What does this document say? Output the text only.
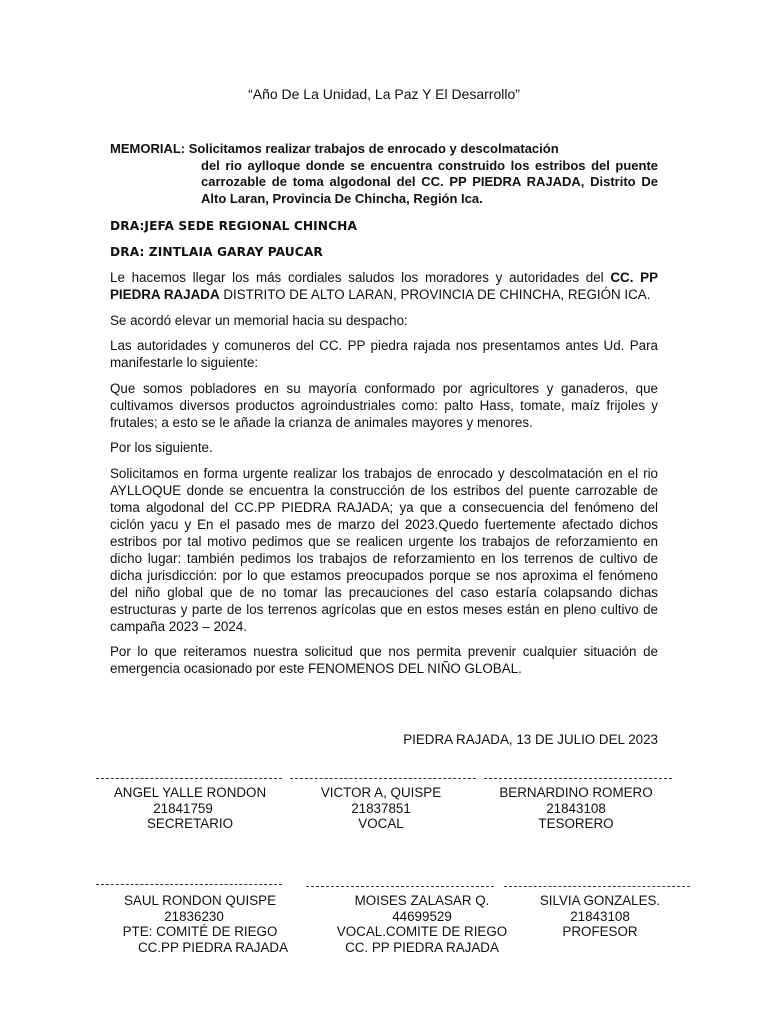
“Año De La Unidad, La Paz Y El Desarrollo”
MEMORIAL: Solicitamos realizar trabajos de enrocado y descolmatación
del rio aylloque donde se encuentra construido los estribos del puente carrozable de toma algodonal del CC. PP PIEDRA RAJADA, Distrito De Alto Laran, Provincia De Chincha, Región Ica.
DRA:JEFA SEDE REGIONAL CHINCHA
DRA: ZINTLAIA GARAY PAUCAR

Le hacemos llegar los más cordiales saludos los moradores y autoridades del CC. PP PIEDRA RAJADA DISTRITO DE ALTO LARAN, PROVINCIA DE CHINCHA, REGIÓN ICA.

Se acordó elevar un memorial hacia su despacho:

Las autoridades y comuneros del CC. PP piedra rajada nos presentamos antes Ud. Para manifestarle lo siguiente:

Que somos pobladores en su mayoría conformado por agricultores y ganaderos, que cultivamos diversos productos agroindustriales como: palto Hass, tomate, maíz frijoles y frutales; a esto se le añade la crianza de animales mayores y menores.

Por los siguiente.

Solicitamos en forma urgente realizar los trabajos de enrocado y descolmatación en el rio AYLLOQUE donde se encuentra la construcción de los estribos del puente carrozable de toma algodonal del CC.PP PIEDRA RAJADA; ya que a consecuencia del fenómeno del ciclón yacu y En el pasado mes de marzo del 2023.Quedo fuertemente afectado dichos estribos por tal motivo pedimos que se realicen urgente los trabajos de reforzamiento en dicho lugar: también pedimos los trabajos de reforzamiento en los terrenos de cultivo de dicha jurisdicción: por lo que estamos preocupados porque se nos aproxima el fenómeno del niño global que de no tomar las precauciones del caso estaría colapsando dichas estructuras y parte de los terrenos agrícolas que en estos meses están en pleno cultivo de campaña 2023 – 2024.

Por lo que reiteramos nuestra solicitud que nos permita prevenir cualquier situación de emergencia ocasionado por este FENOMENOS DEL NIÑO GLOBAL.

PIEDRA RAJADA, 13 DE JULIO DEL 2023
ANGEL YALLE RONDON
21841759
SECRETARIO
VICTOR A, QUISPE
21837851
VOCAL
BERNARDINO ROMERO
21843108
TESORERO
SAUL RONDON QUISPE
21836230
PTE: COMITÉ DE RIEGO
CC.PP PIEDRA RAJADA
MOISES ZALASAR Q.
44699529
VOCAL.COMITE DE RIEGO
CC. PP PIEDRA RAJADA
SILVIA GONZALES.
21843108
PROFESOR
